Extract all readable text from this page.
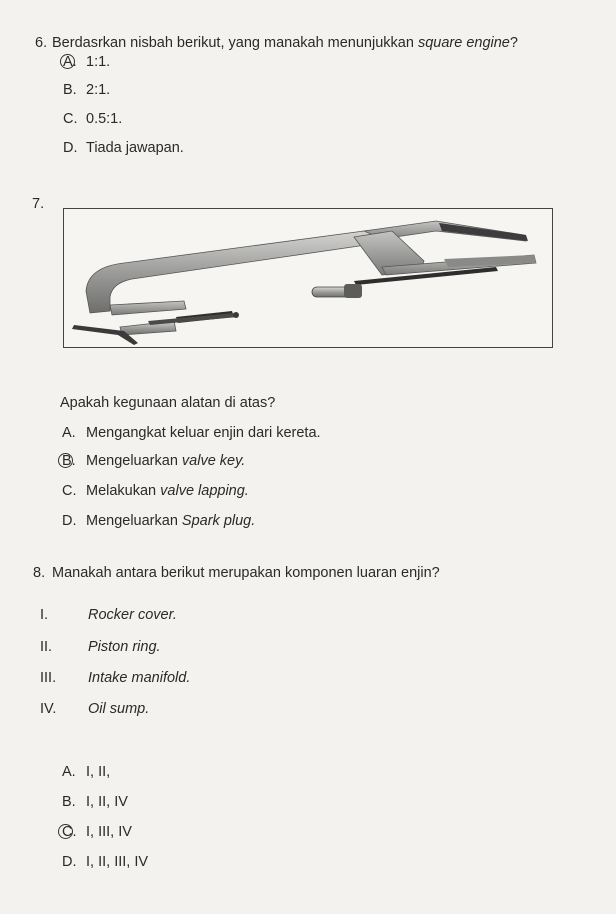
6. Berdasrkan nisbah berikut, yang manakah menunjukkan square engine?
A. 1:1.
B. 2:1.
C. 0.5:1.
D. Tiada jawapan.
7.
Apakah kegunaan alatan di atas?
A. Mengangkat keluar enjin dari kereta.
B. Mengeluarkan valve key.
C. Melakukan valve lapping.
D. Mengeluarkan Spark plug.
8. Manakah antara berikut merupakan komponen luaran enjin?
I.	Rocker cover.
II. Piston ring.
III. Intake manifold.
IV. Oil sump.
A. I, II,
B. I, II, IV
C. I, III, IV
D. I, II, III, IV
